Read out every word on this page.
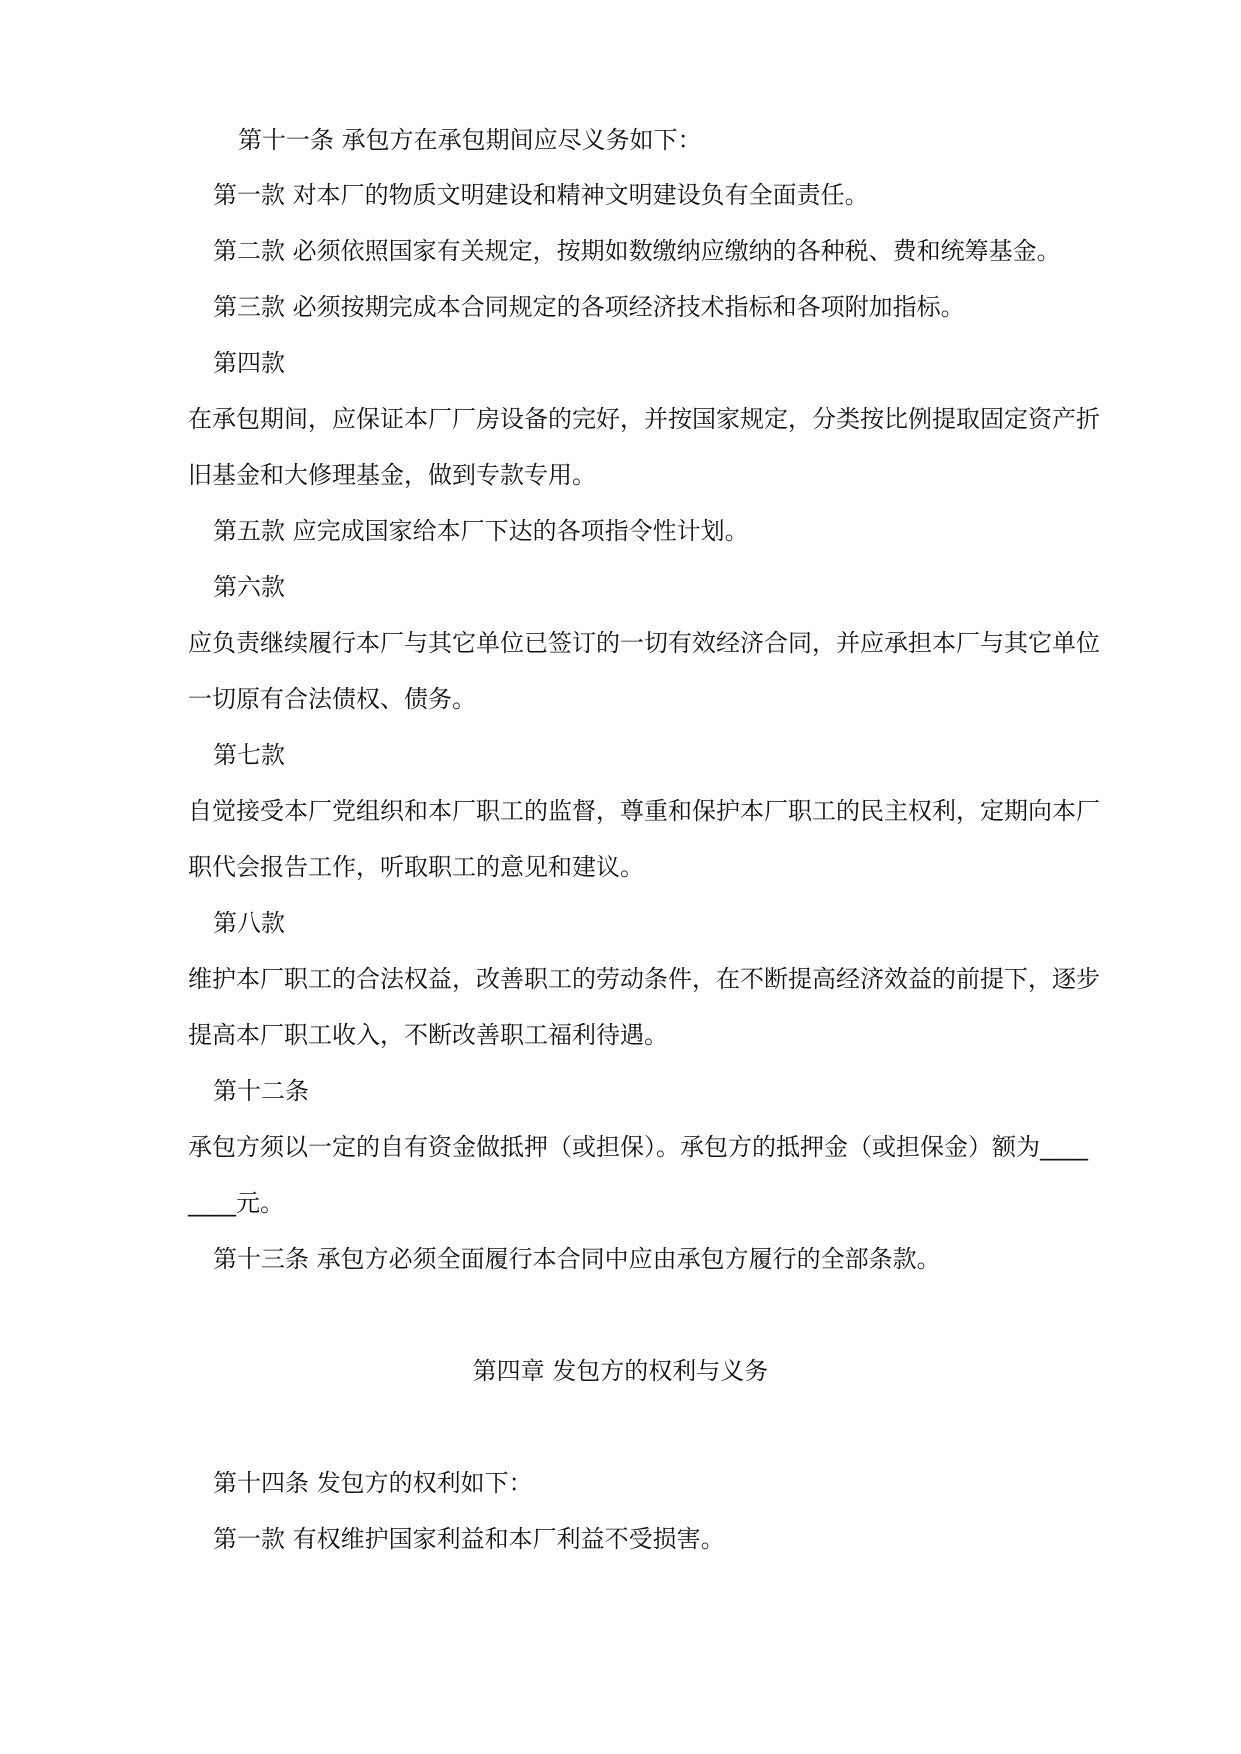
第十一条 承包方在承包期间应尽义务如下：
第一款 对本厂的物质文明建设和精神文明建设负有全面责任。
第二款 必须依照国家有关规定，按期如数缴纳应缴纳的各种税、费和统筹基金。
第三款 必须按期完成本合同规定的各项经济技术指标和各项附加指标。
第四款
在承包期间，应保证本厂厂房设备的完好，并按国家规定，分类按比例提取固定资产折
旧基金和大修理基金，做到专款专用。
第五款 应完成国家给本厂下达的各项指令性计划。
第六款
应负责继续履行本厂与其它单位已签订的一切有效经济合同，并应承担本厂与其它单位
一切原有合法债权、债务。
第七款
自觉接受本厂党组织和本厂职工的监督，尊重和保护本厂职工的民主权利，定期向本厂
职代会报告工作，听取职工的意见和建议。
第八款
维护本厂职工的合法权益，改善职工的劳动条件，在不断提高经济效益的前提下，逐步
提高本厂职工收入，不断改善职工福利待遇。
第十二条
承包方须以一定的自有资金做抵押（或担保）。承包方的抵押金（或担保金）额为____
____元。
第十三条 承包方必须全面履行本合同中应由承包方履行的全部条款。
第四章 发包方的权利与义务
第十四条 发包方的权利如下：
第一款 有权维护国家利益和本厂利益不受损害。
